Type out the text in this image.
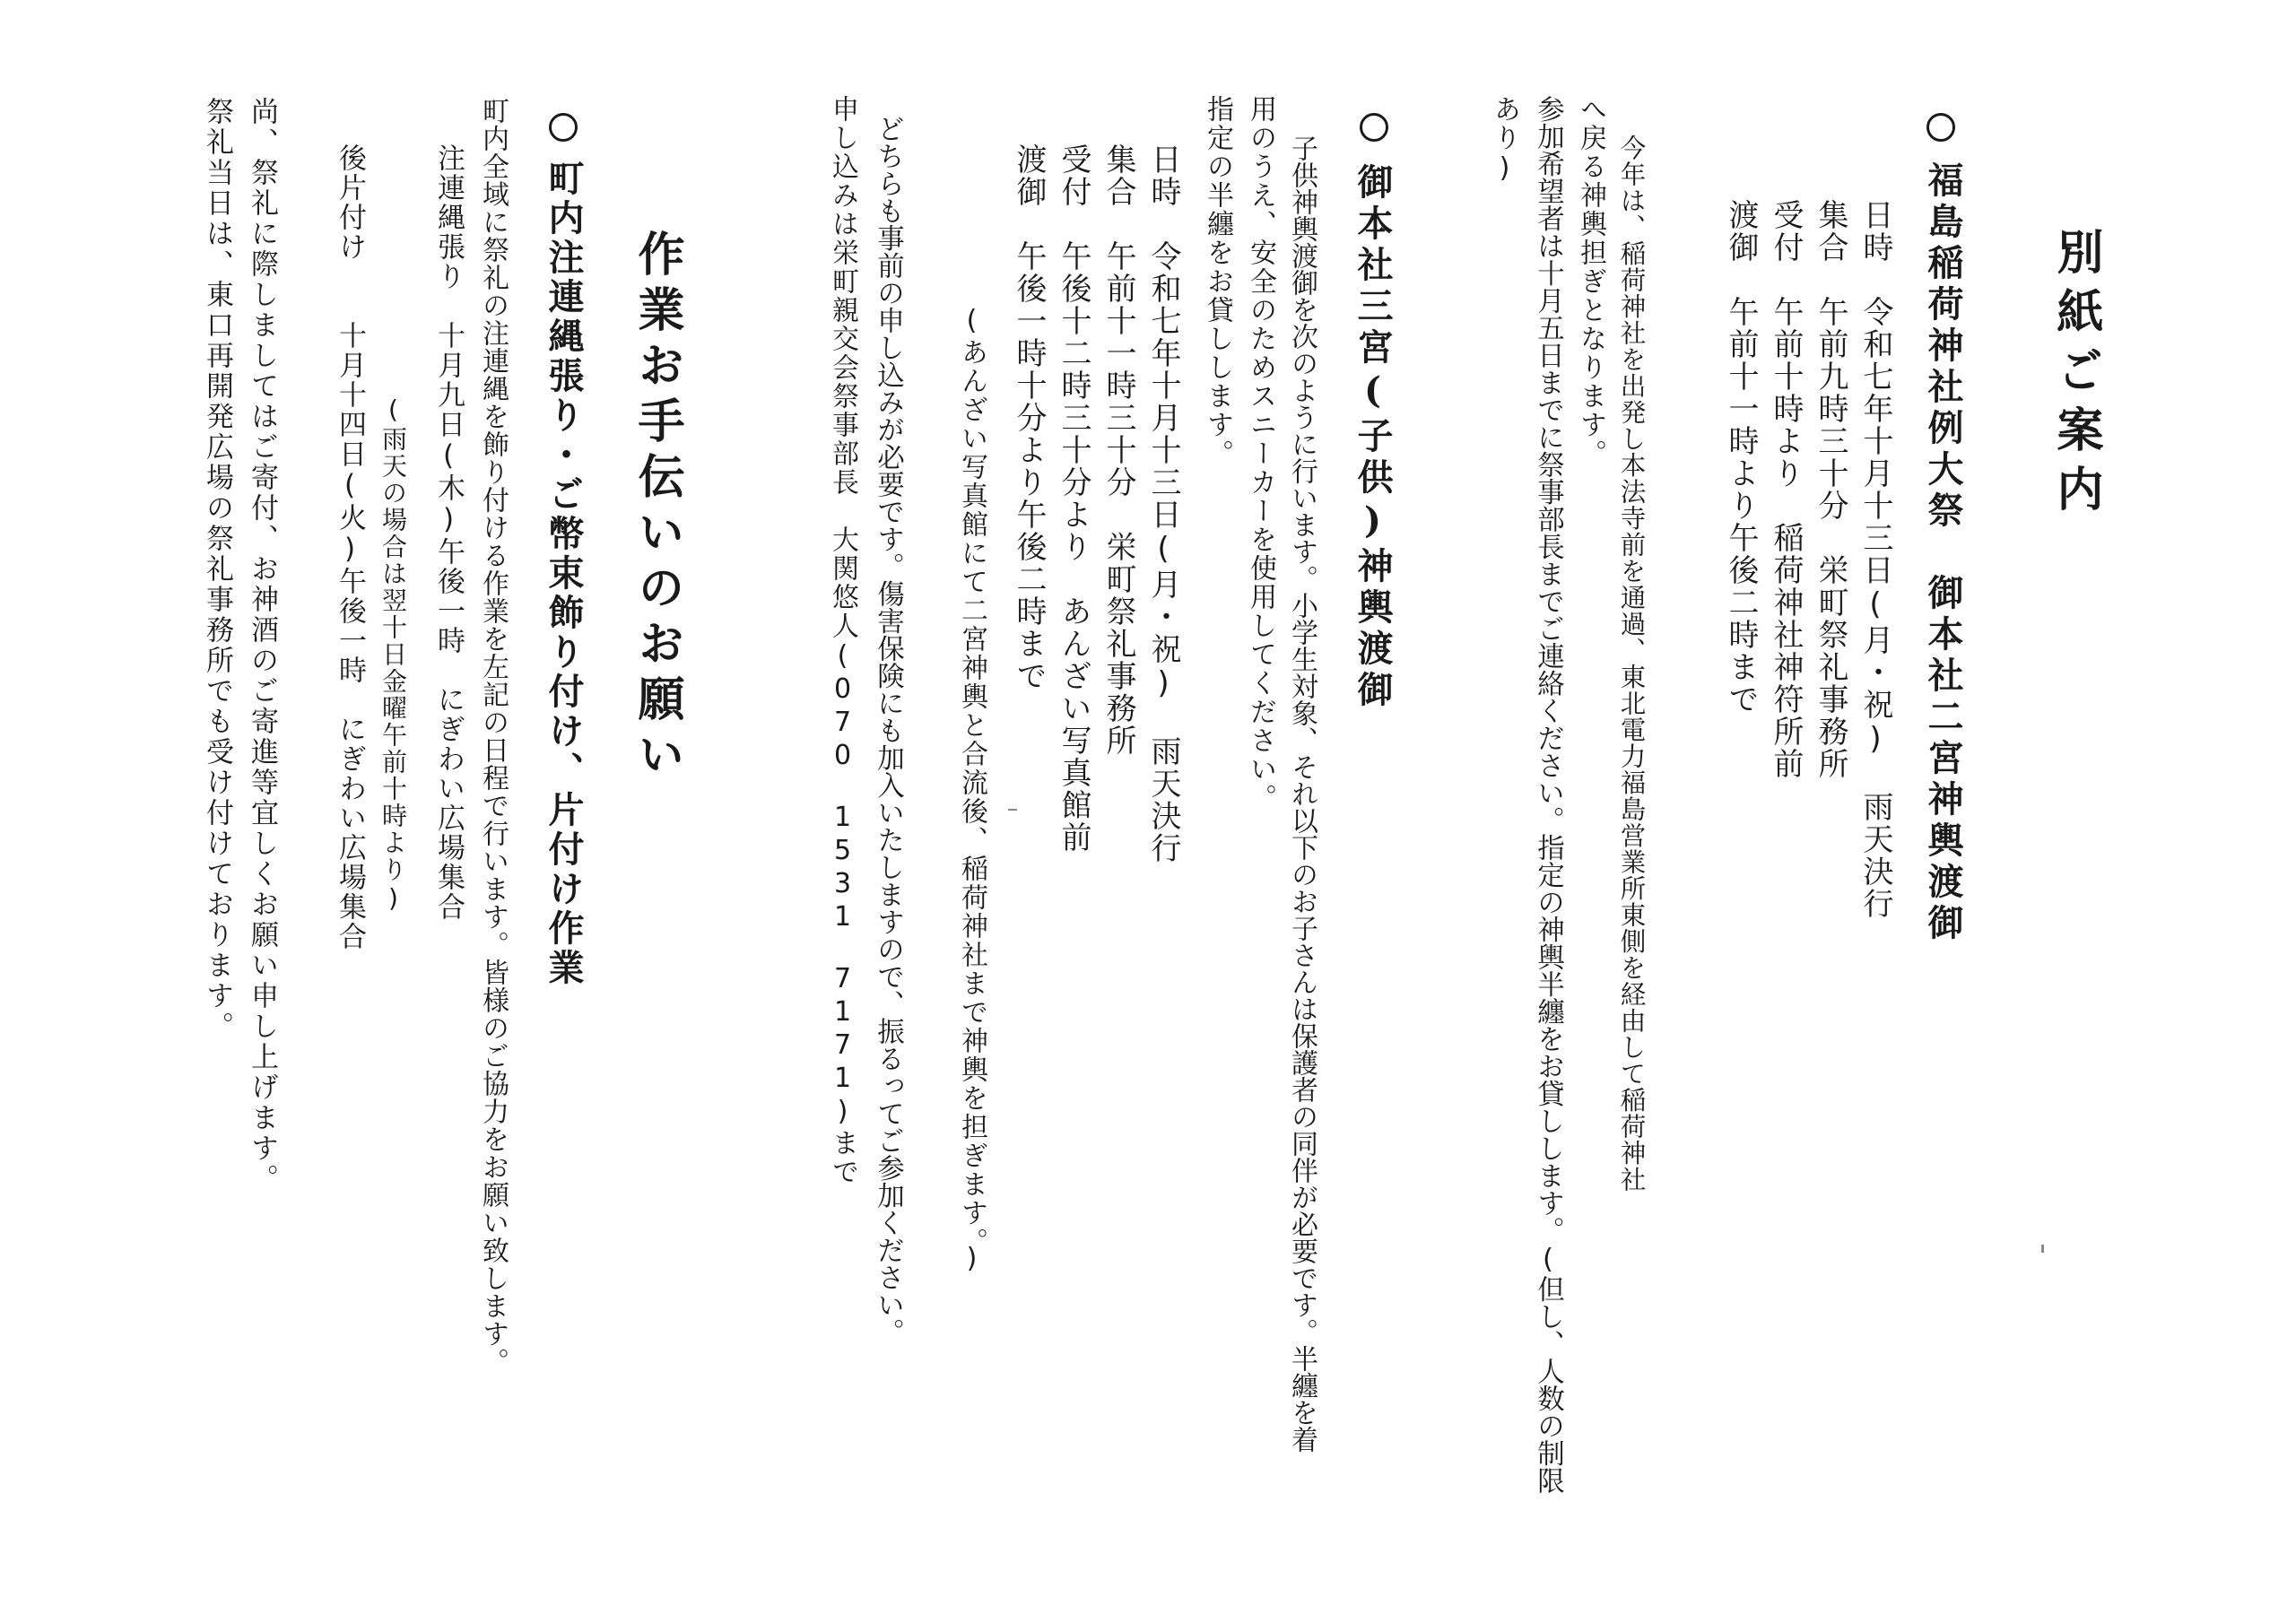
別紙ご案内
福島稲荷神社例大祭　御本社二宮神輿渡御
日時　令和七年十月十三日(月･祝)　雨天決行
集合　午前九時三十分　栄町祭礼事務所
受付　午前十時より　稲荷神社神符所前
渡御　午前十一時より午後二時まで
今年は、稲荷神社を出発し本法寺前を通過、東北電力福島営業所東側を経由して稲荷神社
へ戻る神輿担ぎとなります。
参加希望者は十月五日までに祭事部長までご連絡ください。指定の神輿半纏をお貸しします。(但し、人数の制限
あり)
御本社三宮(子供)神輿渡御
子供神輿渡御を次のように行います。小学生対象、それ以下のお子さんは保護者の同伴が必要です。半纏を着
用のうえ、安全のためスニーカーを使用してください。
指定の半纏をお貸しします。
日時　令和七年十月十三日(月･祝)　雨天決行
集合　午前十一時三十分　栄町祭礼事務所
受付　午後十二時三十分より　あんざい写真館前
渡御　午後一時十分より午後二時まで
(あんざい写真館にて二宮神輿と合流後、稲荷神社まで神輿を担ぎます。)
どちらも事前の申し込みが必要です。傷害保険にも加入いたしますので、振るってご参加ください。
申し込みは栄町親交会祭事部長　大関悠人(070　1531　7171)まで
作業お手伝いのお願い
町内注連縄張り･ご幣束飾り付け、片付け作業
町内全域に祭礼の注連縄を飾り付ける作業を左記の日程で行います。皆様のご協力をお願い致します。
注連縄張り　十月九日(木)午後一時　にぎわい広場集合
(雨天の場合は翌十日金曜午前十時より)
後片付け　　十月十四日(火)午後一時　にぎわい広場集合
尚、祭礼に際しましてはご寄付、お神酒のご寄進等宜しくお願い申し上げます。
祭礼当日は、東口再開発広場の祭礼事務所でも受け付けております。
